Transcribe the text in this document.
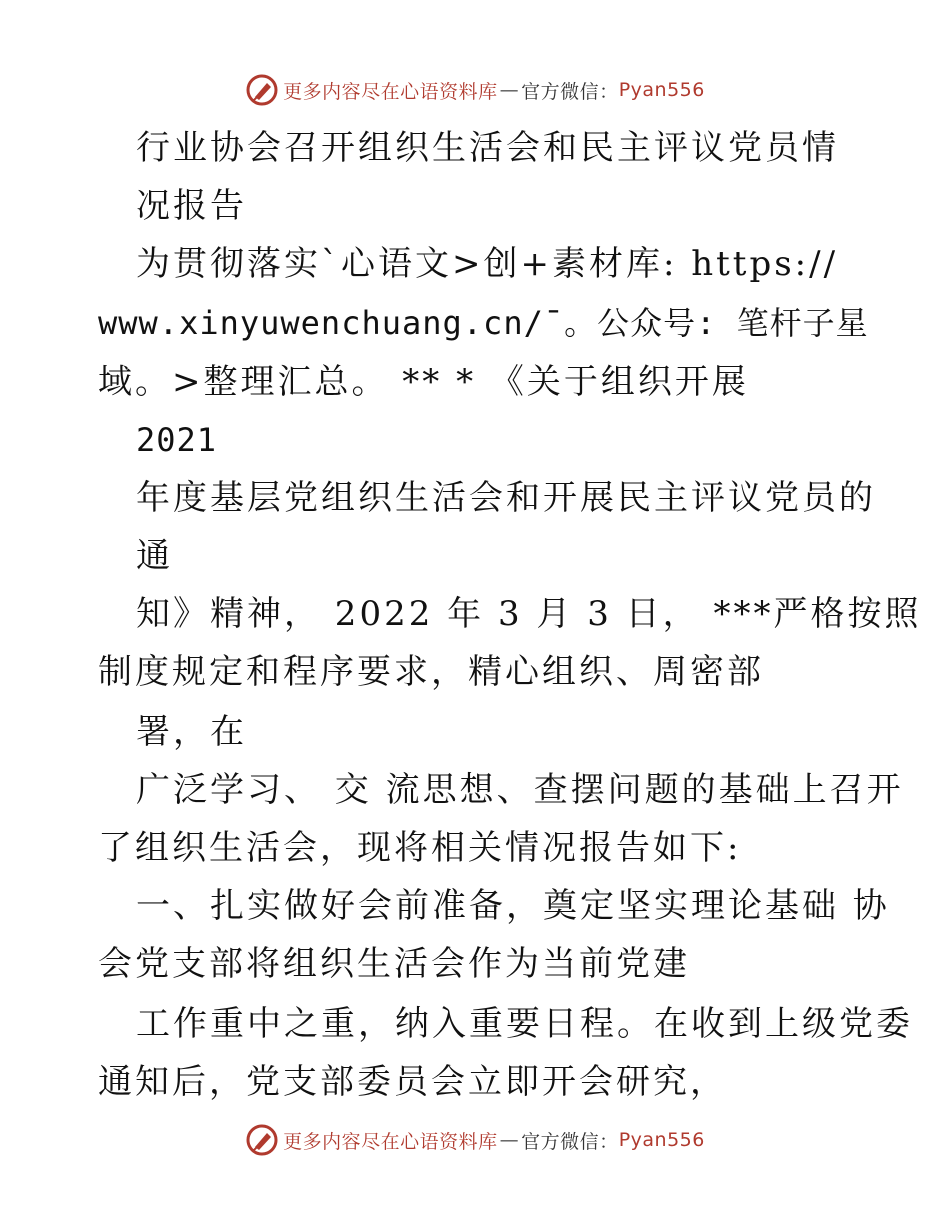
更多内容尽在心语资料库 — 官方微信： Pyan556
行业协会召开组织生活会和民主评议党员情
况报告
为贯彻落实`心语文>创+素材库: https://
www.xinyuwenchuang.cn/¯。公众号: 笔杆子星
域。>整理汇总。 ** * 《关于组织开展
2021
年度基层党组织生活会和开展民主评议党员的
通
知》精神， 2022 年 3 月 3 日， ***严格按照
制度规定和程序要求，精心组织、周密部
署，在
广泛学习、 交 流思想、查摆问题的基础上召开
了组织生活会，现将相关情况报告如下:
一、扎实做好会前准备，奠定坚实理论基础 协
会党支部将组织生活会作为当前党建
工作重中之重，纳入重要日程。在收到上级党委
通知后，党支部委员会立即开会研究，
更多内容尽在心语资料库 — 官方微信： Pyan556
